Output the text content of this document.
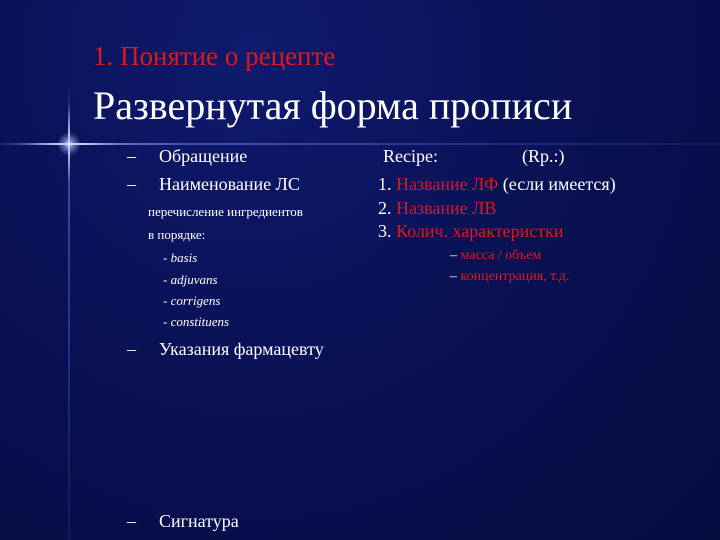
1. Понятие о рецепте
Развернутая форма прописи
– Обращение
– Наименование ЛС
перечисление ингредиентов
в порядке:
- basis
- adjuvans
- corrigens
- constituens
– Указания фармацевту
– Сигнатура
Recipe:	(Rp.:)
1. Название ЛФ (если имеется)
2. Название ЛВ
3. Колич. характеристки
– масса / объем
– концентрация, т.д.
